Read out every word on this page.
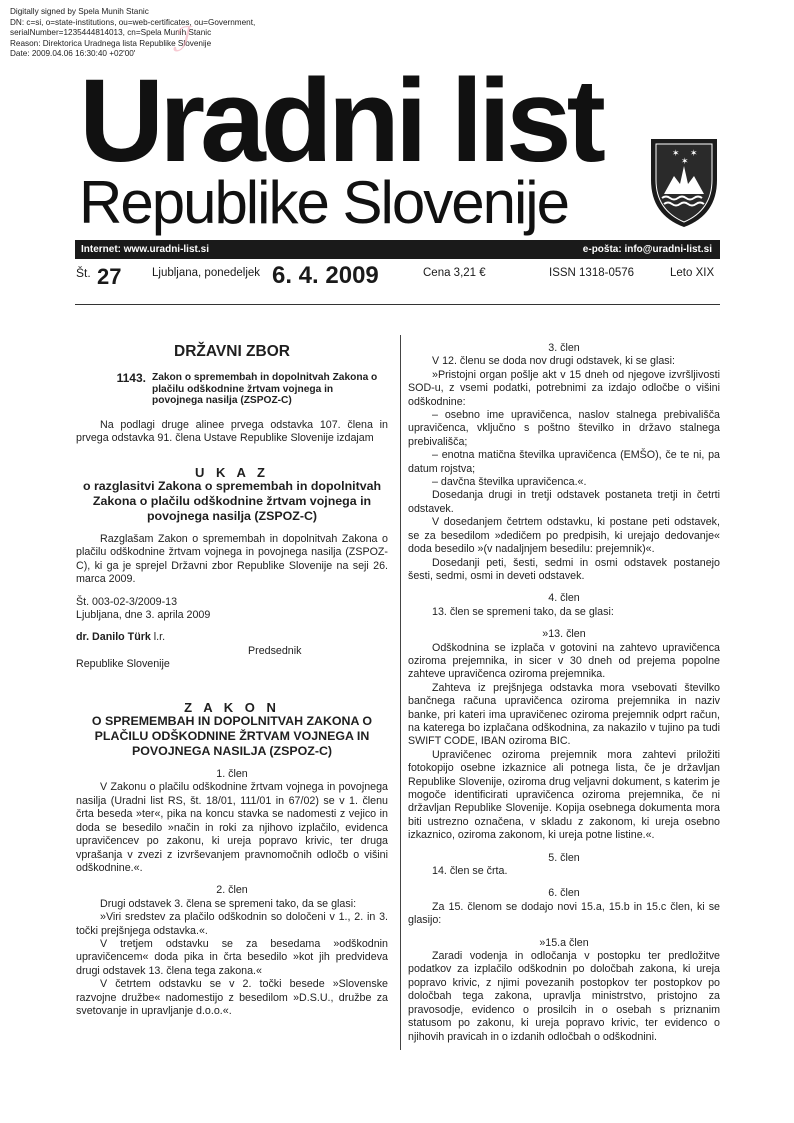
Digitally signed by Spela Munih Stanic
DN: c=si, o=state-institutions, ou=web-certificates, ou=Government,
serialNumber=1235444814013, cn=Spela Munih Stanic
Reason: Direktorica Uradnega lista Republike Slovenije
Date: 2009.04.06 16:30:40 +02'00'	ℐ
Uradni list
Republike Slovenije
✶ ✶
✶
Internet: www.uradni-list.si	e-pošta: info@uradni-list.si
Št. 27	Ljubljana, ponedeljek 6. 4. 2009	Cena 3,21 €	ISSN 1318-0576	Leto XIX

DRŽAVNI ZBOR

1143. Zakon o spremembah in dopolnitvah Zakona o plačilu odškodnine žrtvam vojnega in povojnega nasilja (ZSPOZ-C)

Na podlagi druge alinee prvega odstavka 107. člena in prvega odstavka 91. člena Ustave Republike Slovenije izdajam

U K A Z

o razglasitvi Zakona o spremembah in dopolnitvah Zakona o plačilu odškodnine žrtvam vojnega in povojnega nasilja (ZSPOZ-C)

Razglašam Zakon o spremembah in dopolnitvah Zakona o plačilu odškodnine žrtvam vojnega in povojnega nasilja (ZSPOZ-C), ki ga je sprejel Državni zbor Republike Slovenije na seji 26. marca 2009.

Št. 003-02-3/2009-13

Ljubljana, dne 3. aprila 2009

dr. Danilo Türk l.r.

Predsednik

Republike Slovenije

Z A K O N

O SPREMEMBAH IN DOPOLNITVAH ZAKONA O PLAČILU ODŠKODNINE ŽRTVAM VOJNEGA IN POVOJNEGA NASILJA (ZSPOZ-C)

1. člen

V Zakonu o plačilu odškodnine žrtvam vojnega in povojnega nasilja (Uradni list RS, št. 18/01, 111/01 in 67/02) se v 1. členu črta beseda »ter«, pika na koncu stavka se nadomesti z vejico in doda se besedilo »način in roki za njihovo izplačilo, evidenca upravičencev po zakonu, ki ureja popravo krivic, ter druga vprašanja v zvezi z izvrševanjem pravnomočnih odločb o višini odškodnine.«.

2. člen

Drugi odstavek 3. člena se spremeni tako, da se glasi:

»Viri sredstev za plačilo odškodnin so določeni v 1., 2. in 3. točki prejšnjega odstavka.«.

V tretjem odstavku se za besedama »odškodnin upravičencem« doda pika in črta besedilo »kot jih predvideva drugi odstavek 13. člena tega zakona.«

V četrtem odstavku se v 2. točki besede »Slovenske razvojne družbe« nadomestijo z besedilom »D.S.U., družbe za svetovanje in upravljanje d.o.o.«.

3. člen

V 12. členu se doda nov drugi odstavek, ki se glasi:

»Pristojni organ pošlje akt v 15 dneh od njegove izvršljivosti SOD-u, z vsemi podatki, potrebnimi za izdajo odločbe o višini odškodnine:

– osebno ime upravičenca, naslov stalnega prebivališča upravičenca, vključno s poštno številko in državo stalnega prebivališča;

– enotna matična številka upravičenca (EMŠO), če te ni, pa datum rojstva;

– davčna številka upravičenca.«.

Dosedanja drugi in tretji odstavek postaneta tretji in četrti odstavek.

V dosedanjem četrtem odstavku, ki postane peti odstavek, se za besedilom »dedičem po predpisih, ki urejajo dedovanje« doda besedilo »(v nadaljnjem besedilu: prejemnik)«.

Dosedanji peti, šesti, sedmi in osmi odstavek postanejo šesti, sedmi, osmi in deveti odstavek.

4. člen

13. člen se spremeni tako, da se glasi:

»13. člen

Odškodnina se izplača v gotovini na zahtevo upravičenca oziroma prejemnika, in sicer v 30 dneh od prejema popolne zahteve upravičenca oziroma prejemnika.

Zahteva iz prejšnjega odstavka mora vsebovati številko bančnega računa upravičenca oziroma prejemnika in naziv banke, pri kateri ima upravičenec oziroma prejemnik odprt račun, na katerega bo izplačana odškodnina, za nakazilo v tujino pa tudi SWIFT CODE, IBAN oziroma BIC.

Upravičenec oziroma prejemnik mora zahtevi priložiti fotokopijo osebne izkaznice ali potnega lista, če je državljan Republike Slovenije, oziroma drug veljavni dokument, s katerim je mogoče identificirati upravičenca oziroma prejemnika, če ni državljan Republike Slovenije. Kopija osebnega dokumenta mora biti ustrezno označena, v skladu z zakonom, ki ureja osebno izkaznico, oziroma zakonom, ki ureja potne listine.«.

5. člen

14. člen se črta.

6. člen

Za 15. členom se dodajo novi 15.a, 15.b in 15.c člen, ki se glasijo:

»15.a člen

Zaradi vodenja in odločanja v postopku ter predložitve podatkov za izplačilo odškodnin po določbah zakona, ki ureja popravo krivic, z njimi povezanih postopkov ter postopkov po določbah tega zakona, upravlja ministrstvo, pristojno za pravosodje, evidenco o prosilcih in o osebah s priznanim statusom po zakonu, ki ureja popravo krivic, ter evidenco o njihovih pravicah in o izdanih odločbah o odškodnini.
